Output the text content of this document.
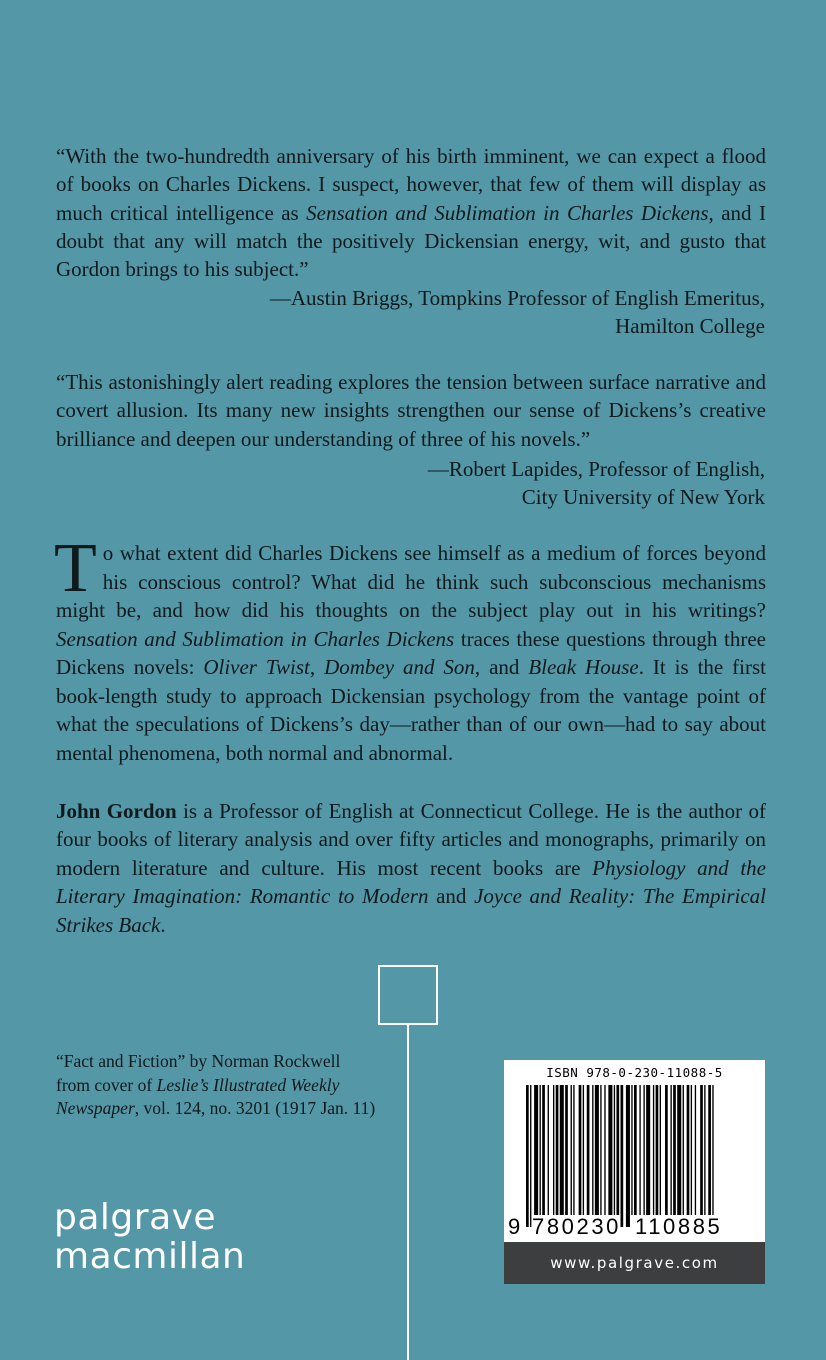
“With the two-hundredth anniversary of his birth imminent, we can expect a flood of books on Charles Dickens. I suspect, however, that few of them will display as much critical intelligence as Sensation and Sublimation in Charles Dickens, and I doubt that any will match the positively Dickensian energy, wit, and gusto that Gordon brings to his subject.”
—Austin Briggs, Tompkins Professor of English Emeritus,
Hamilton College
“This astonishingly alert reading explores the tension between surface narrative and covert allusion. Its many new insights strengthen our sense of Dickens’s creative brilliance and deepen our understanding of three of his novels.”
—Robert Lapides, Professor of English,
City University of New York
To what extent did Charles Dickens see himself as a medium of forces beyond his conscious control? What did he think such subconscious mechanisms might be, and how did his thoughts on the subject play out in his writings? Sensation and Sublimation in Charles Dickens traces these questions through three Dickens novels: Oliver Twist, Dombey and Son, and Bleak House. It is the first book-length study to approach Dickensian psychology from the vantage point of what the speculations of Dickens’s day—rather than of our own—had to say about mental phenomena, both normal and abnormal.
John Gordon is a Professor of English at Connecticut College. He is the author of four books of literary analysis and over fifty articles and monographs, primarily on modern literature and culture. His most recent books are Physiology and the Literary Imagination: Romantic to Modern and Joyce and Reality: The Empirical Strikes Back.
“Fact and Fiction” by Norman Rockwell
from cover of Leslie’s Illustrated Weekly Newspaper, vol. 124, no. 3201 (1917 Jan. 11)
palgrave
macmillan
ISBN 978-0-230-11088-5
9 780230 110885
www.palgrave.com
